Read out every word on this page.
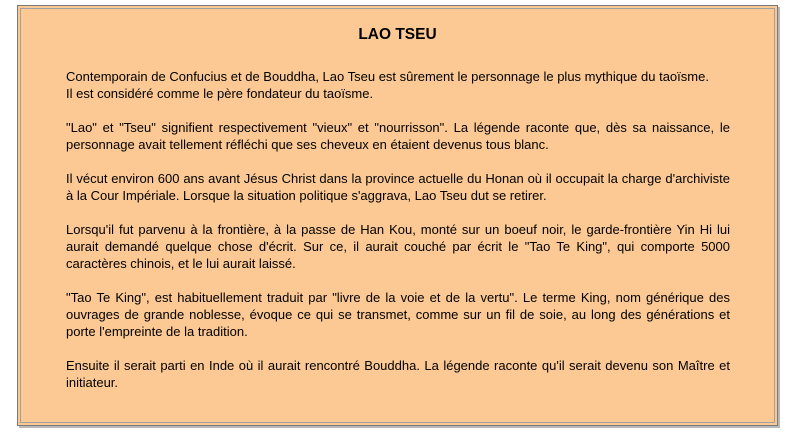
LAO TSEU

Contemporain de Confucius et de Bouddha, Lao Tseu est sûrement le personnage le plus mythique du taoïsme.
Il est considéré comme le père fondateur du taoïsme.

"Lao" et "Tseu" signifient respectivement "vieux" et "nourrisson". La légende raconte que, dès sa naissance, le personnage avait tellement réfléchi que ses cheveux en étaient devenus tous blanc.

Il vécut environ 600 ans avant Jésus Christ dans la province actuelle du Honan où il occupait la charge d'archiviste à la Cour Impériale. Lorsque la situation politique s'aggrava, Lao Tseu dut se retirer.

Lorsqu'il fut parvenu à la frontière, à la passe de Han Kou, monté sur un boeuf noir, le garde-frontière Yin Hi lui aurait demandé quelque chose d'écrit. Sur ce, il aurait couché par écrit le "Tao Te King", qui comporte 5000 caractères chinois, et le lui aurait laissé.

"Tao Te King", est habituellement traduit par "livre de la voie et de la vertu". Le terme King, nom générique des ouvrages de grande noblesse, évoque ce qui se transmet, comme sur un fil de soie, au long des générations et porte l'empreinte de la tradition.

Ensuite il serait parti en Inde où il aurait rencontré Bouddha. La légende raconte qu'il serait devenu son Maître et initiateur.
